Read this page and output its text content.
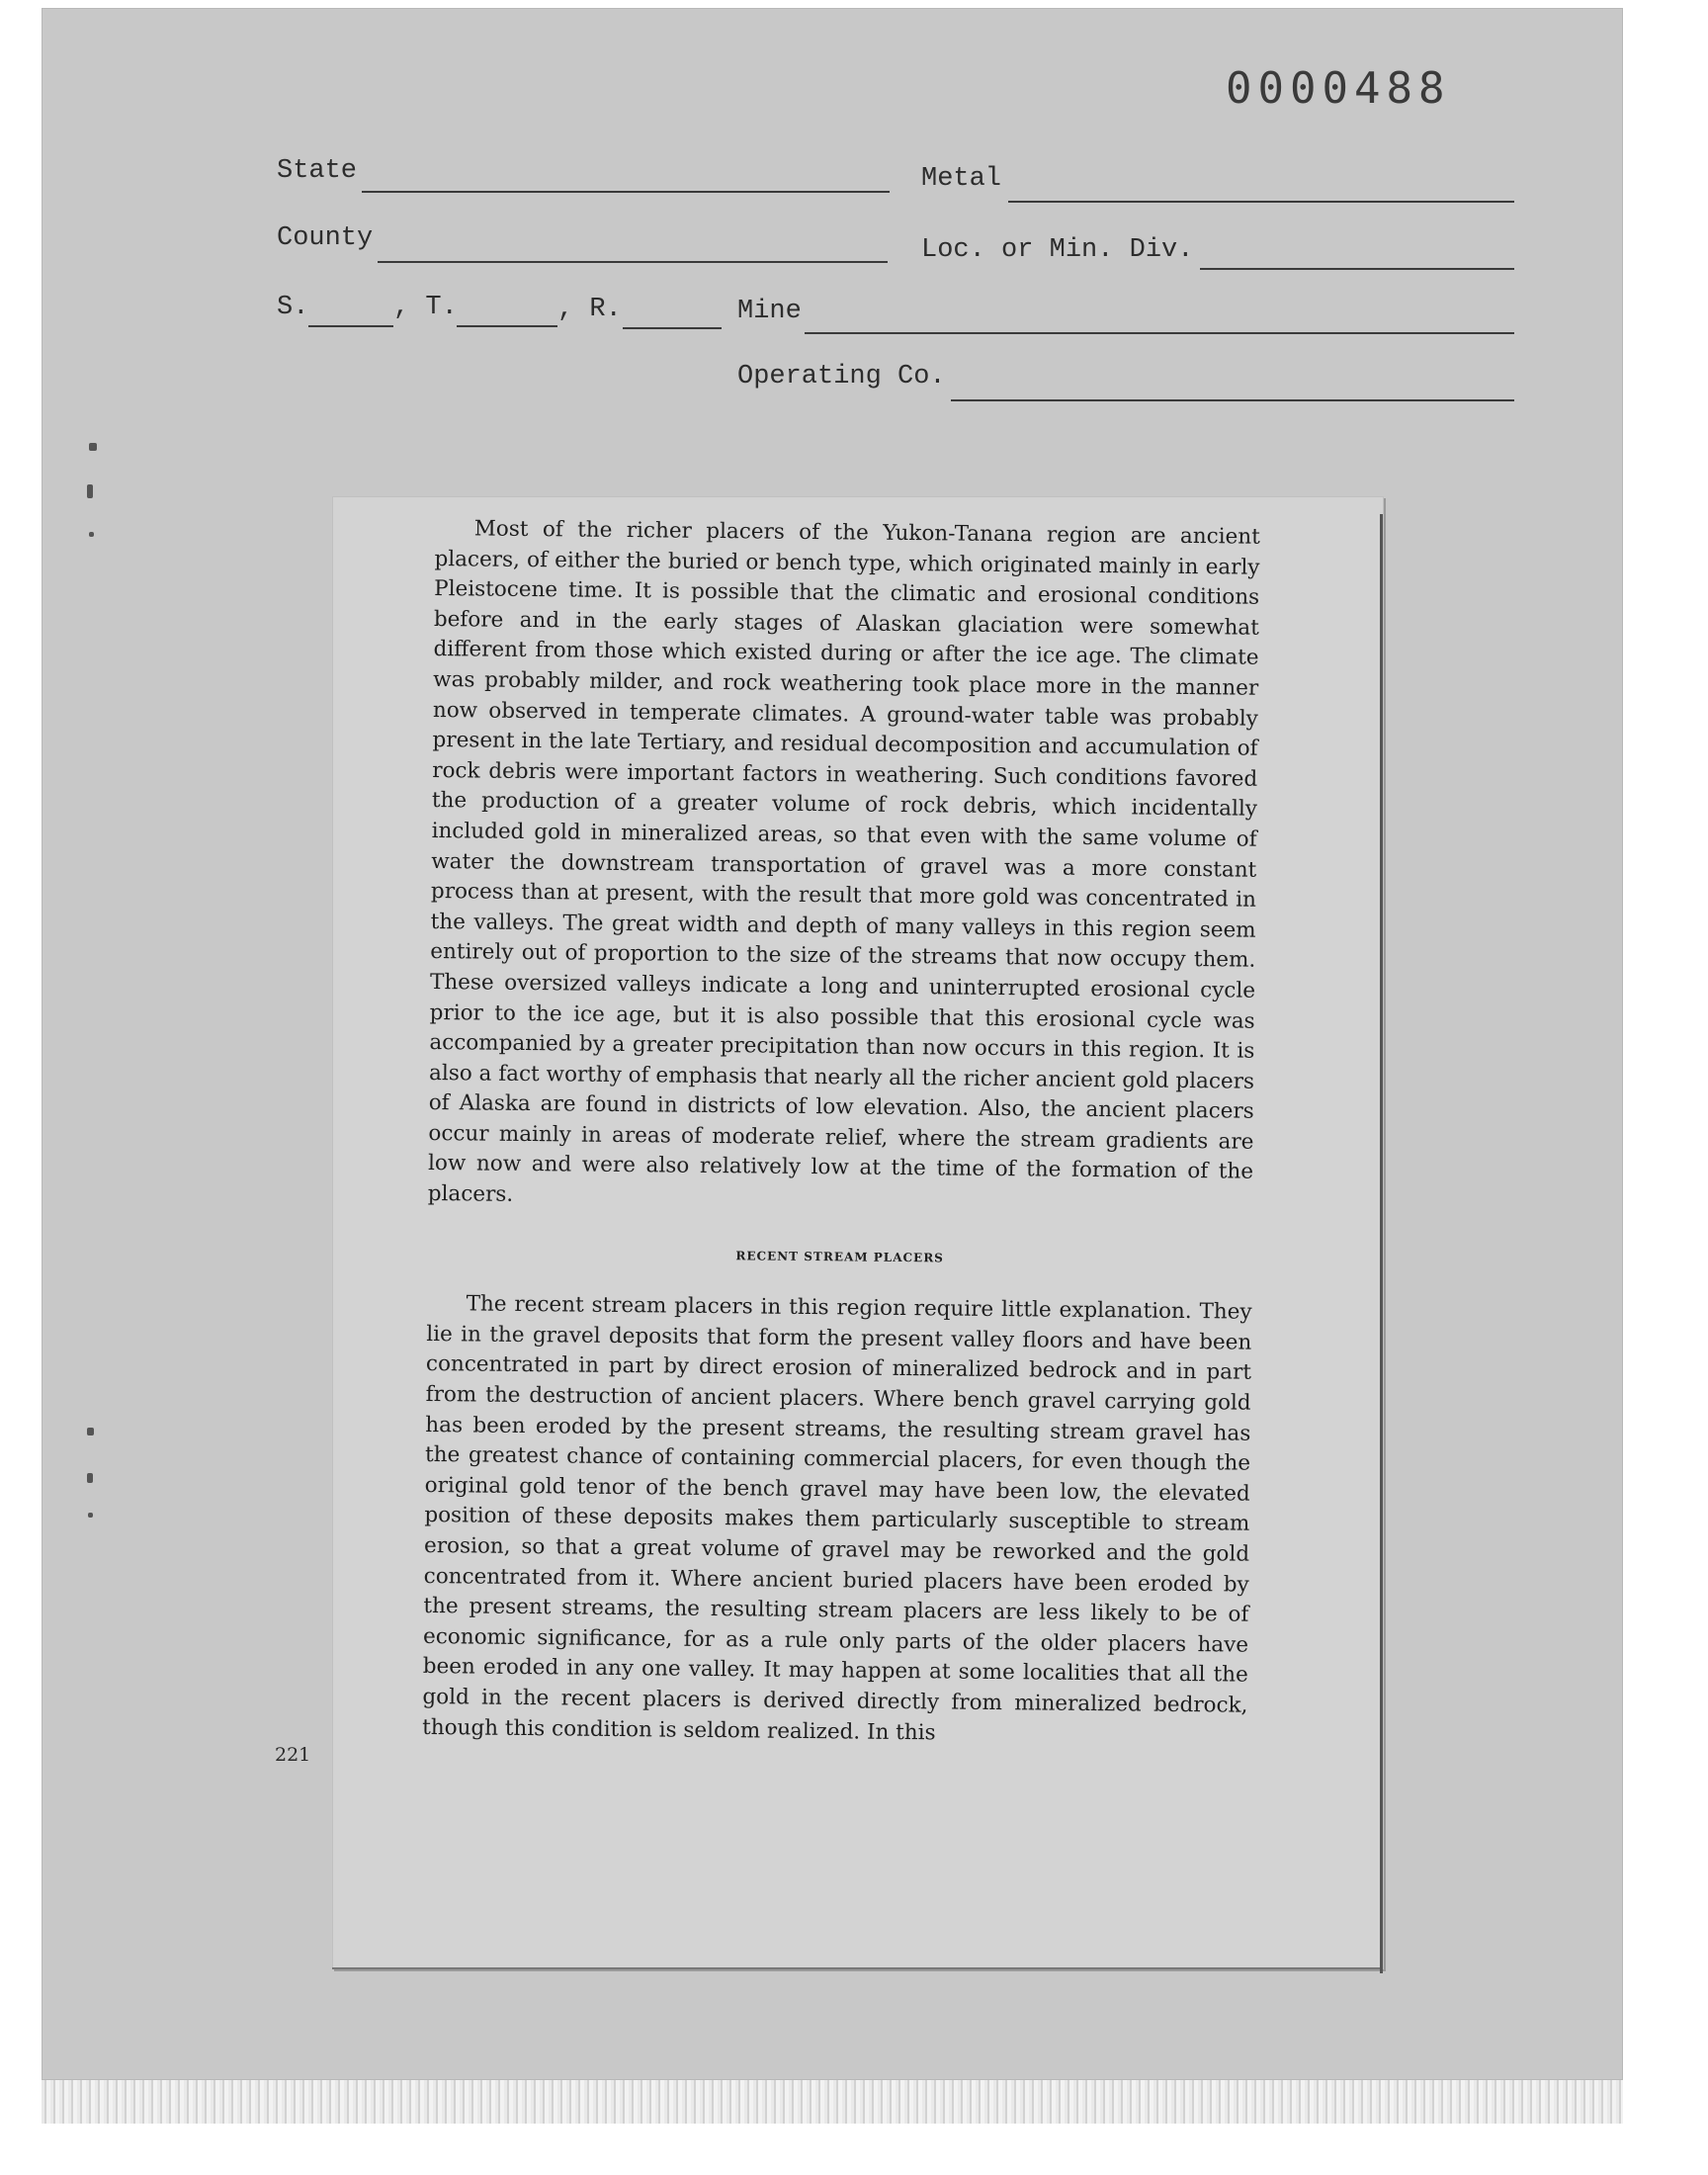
0000488
State	Metal
County	Loc. or Min. Div.
S.	, T.	, R.	Mine
Operating Co.

Most of the richer placers of the Yukon-Tanana region are ancient placers, of either the buried or bench type, which originated mainly in early Pleistocene time. It is possible that the climatic and erosional conditions before and in the early stages of Alaskan glaciation were somewhat different from those which existed during or after the ice age. The climate was probably milder, and rock weathering took place more in the manner now observed in temperate climates. A ground-water table was probably present in the late Tertiary, and residual decomposition and accumulation of rock debris were important factors in weathering. Such conditions favored the production of a greater volume of rock debris, which incidentally included gold in mineralized areas, so that even with the same volume of water the downstream transportation of gravel was a more constant process than at present, with the result that more gold was concentrated in the valleys. The great width and depth of many valleys in this region seem entirely out of proportion to the size of the streams that now occupy them. These oversized valleys indicate a long and uninterrupted erosional cycle prior to the ice age, but it is also possible that this erosional cycle was accompanied by a greater precipitation than now occurs in this region. It is also a fact worthy of emphasis that nearly all the richer ancient gold placers of Alaska are found in districts of low elevation. Also, the ancient placers occur mainly in areas of moderate relief, where the stream gradients are low now and were also relatively low at the time of the formation of the placers.

RECENT STREAM PLACERS

The recent stream placers in this region require little explanation. They lie in the gravel deposits that form the present valley floors and have been concentrated in part by direct erosion of mineralized bedrock and in part from the destruction of ancient placers. Where bench gravel carrying gold has been eroded by the present streams, the resulting stream gravel has the greatest chance of containing commercial placers, for even though the original gold tenor of the bench gravel may have been low, the elevated position of these deposits makes them particularly susceptible to stream erosion, so that a great volume of gravel may be reworked and the gold concentrated from it. Where ancient buried placers have been eroded by the present streams, the resulting stream placers are less likely to be of economic significance, for as a rule only parts of the older placers have been eroded in any one valley. It may happen at some localities that all the gold in the recent placers is derived directly from mineralized bedrock, though this condition is seldom realized. In this

221
